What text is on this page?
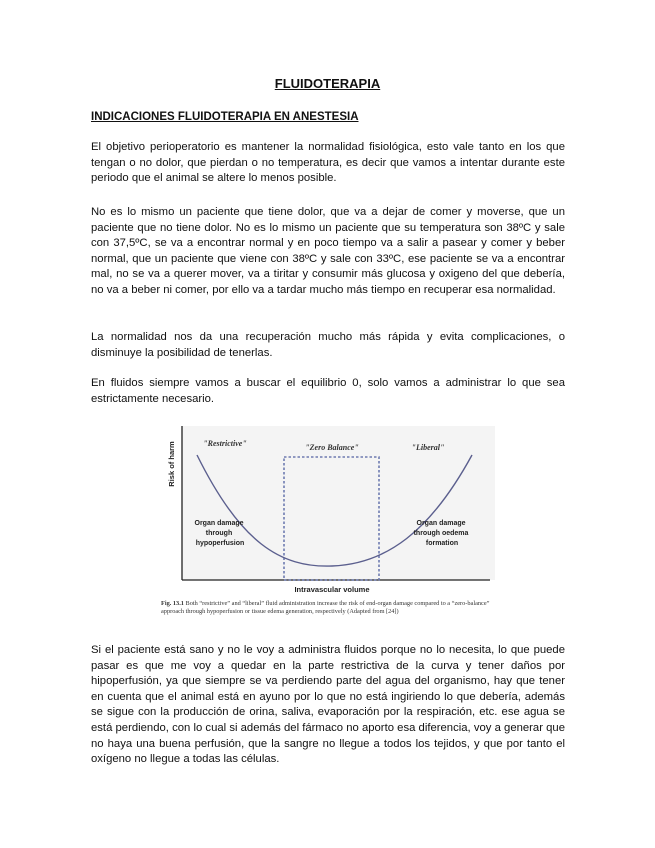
FLUIDOTERAPIA
INDICACIONES FLUIDOTERAPIA EN ANESTESIA

El objetivo perioperatorio es mantener la normalidad fisiológica, esto vale tanto en los que tengan o no dolor, que pierdan o no temperatura, es decir que vamos a intentar durante este periodo que el animal se altere lo menos posible.

No es lo mismo un paciente que tiene dolor, que va a dejar de comer y moverse, que un paciente que no tiene dolor. No es lo mismo un paciente que su temperatura son 38ºC y sale con 37,5ºC, se va a encontrar normal y en poco tiempo va a salir a pasear y comer y beber normal, que un paciente que viene con 38ºC y sale con 33ºC, ese paciente se va a encontrar mal, no se va a querer mover, va a tiritar y consumir más glucosa y oxigeno del que debería, no va a beber ni comer, por ello va a tardar mucho más tiempo en recuperar esa normalidad.

La normalidad nos da una recuperación mucho más rápida y evita complicaciones, o disminuye la posibilidad de tenerlas.

En fluidos siempre vamos a buscar el equilibrio 0, solo vamos a administrar lo que sea estrictamente necesario.

Risk of harm	"Restrictive"	"Zero Balance"	"Liberal"
Organ damage through hypoperfusion
Organ damage through oedema formation
Intravascular volume
Fig. 13.1 Both “restrictive” and “liberal” fluid administration increase the risk of end-organ damage compared to a “zero-balance” approach through hypoperfusion or tissue edema generation, respectively (Adapted from [24])

Si el paciente está sano y no le voy a administra fluidos porque no lo necesita, lo que puede pasar es que me voy a quedar en la parte restrictiva de la curva y tener daños por hipoperfusión, ya que siempre se va perdiendo parte del agua del organismo, hay que tener en cuenta que el animal está en ayuno por lo que no está ingiriendo lo que debería, además se sigue con la producción de orina, saliva, evaporación por la respiración, etc. ese agua se está perdiendo, con lo cual si además del fármaco no aporto esa diferencia, voy a generar que no haya una buena perfusión, que la sangre no llegue a todos los tejidos, y que por tanto el oxígeno no llegue a todas las células.
